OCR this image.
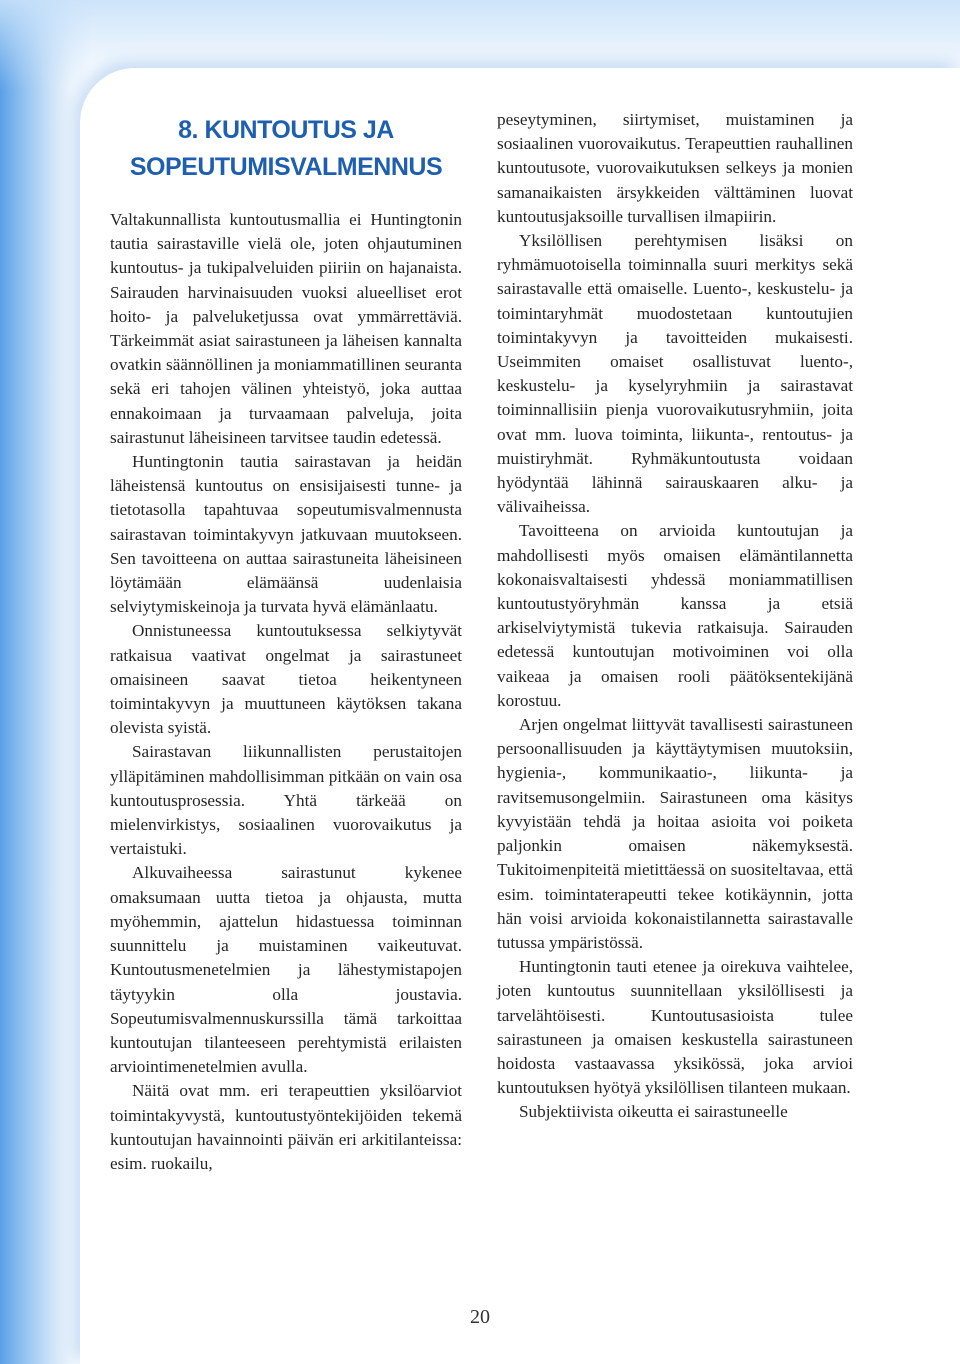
8. KUNTOUTUS JA
SOPEUTUMISVALMENNUS

Valtakunnallista kuntoutusmallia ei Huntingtonin tautia sairastaville vielä ole, joten ohjautuminen kuntoutus- ja tukipalveluiden piiriin on hajanaista. Sairauden harvinaisuuden vuoksi alueelliset erot hoito- ja palveluketjussa ovat ymmärrettäviä. Tärkeimmät asiat sairastuneen ja läheisen kannalta ovatkin säännöllinen ja moniammatillinen seuranta sekä eri tahojen välinen yhteistyö, joka auttaa ennakoimaan ja turvaamaan palveluja, joita sairastunut läheisineen tarvitsee taudin edetessä.

Huntingtonin tautia sairastavan ja heidän läheistensä kuntoutus on ensisijaisesti tunne- ja tietotasolla tapahtuvaa sopeutumisvalmennusta sairastavan toimintakyvyn jatkuvaan muutokseen. Sen tavoitteena on auttaa sairastuneita läheisineen löytämään elämäänsä uudenlaisia selviytymiskeinoja ja turvata hyvä elämänlaatu.

Onnistuneessa kuntoutuksessa selkiytyvät ratkaisua vaativat ongelmat ja sairastuneet omaisineen saavat tietoa heikentyneen toimintakyvyn ja muuttuneen käytöksen takana olevista syistä.

Sairastavan liikunnallisten perustaitojen ylläpitäminen mahdollisimman pitkään on vain osa kuntoutusprosessia. Yhtä tärkeää on mielenvirkistys, sosiaalinen vuorovaikutus ja vertaistuki.

Alkuvaiheessa sairastunut kykenee omaksumaan uutta tietoa ja ohjausta, mutta myöhemmin, ajattelun hidastuessa toiminnan suunnittelu ja muistaminen vaikeutuvat. Kuntoutusmenetelmien ja lähestymistapojen täytyykin olla joustavia. Sopeutumisvalmennuskurssilla tämä tarkoittaa kuntoutujan tilanteeseen perehtymistä erilaisten arviointimenetelmien avulla.

Näitä ovat mm. eri terapeuttien yksilöarviot toimintakyvystä, kuntoutustyöntekijöiden tekemä kuntoutujan havainnointi päivän eri arkitilanteissa: esim. ruokailu,

peseytyminen, siirtymiset, muistaminen ja sosiaalinen vuorovaikutus. Terapeuttien rauhallinen kuntoutusote, vuorovaikutuksen selkeys ja monien samanaikaisten ärsykkeiden välttäminen luovat kuntoutusjaksoille turvallisen ilmapiirin.

Yksilöllisen perehtymisen lisäksi on ryhmämuotoisella toiminnalla suuri merkitys sekä sairastavalle että omaiselle. Luento-, keskustelu- ja toimintaryhmät muodostetaan kuntoutujien toimintakyvyn ja tavoitteiden mukaisesti. Useimmiten omaiset osallistuvat luento-, keskustelu- ja kyselyryhmiin ja sairastavat toiminnallisiin pienja vuorovaikutusryhmiin, joita ovat mm. luova toiminta, liikunta-, rentoutus- ja muistiryhmät. Ryhmäkuntoutusta voidaan hyödyntää lähinnä sairauskaaren alku- ja välivaiheissa.

Tavoitteena on arvioida kuntoutujan ja mahdollisesti myös omaisen elämäntilannetta kokonaisvaltaisesti yhdessä moniammatillisen kuntoutustyöryhmän kanssa ja etsiä arkiselviytymistä tukevia ratkaisuja. Sairauden edetessä kuntoutujan motivoiminen voi olla vaikeaa ja omaisen rooli päätöksentekijänä korostuu.

Arjen ongelmat liittyvät tavallisesti sairastuneen persoonallisuuden ja käyttäytymisen muutoksiin, hygienia-, kommunikaatio-, liikunta- ja ravitsemusongelmiin. Sairastuneen oma käsitys kyvyistään tehdä ja hoitaa asioita voi poiketa paljonkin omaisen näkemyksestä. Tukitoimenpiteitä mietittäessä on suositeltavaa, että esim. toimintaterapeutti tekee kotikäynnin, jotta hän voisi arvioida kokonaistilannetta sairastavalle tutussa ympäristössä.

Huntingtonin tauti etenee ja oirekuva vaihtelee, joten kuntoutus suunnitellaan yksilöllisesti ja tarvelähtöisesti. Kuntoutusasioista tulee sairastuneen ja omaisen keskustella sairastuneen hoidosta vastaavassa yksikössä, joka arvioi kuntoutuksen hyötyä yksilöllisen tilanteen mukaan.

Subjektiivista oikeutta ei sairastuneelle

20
